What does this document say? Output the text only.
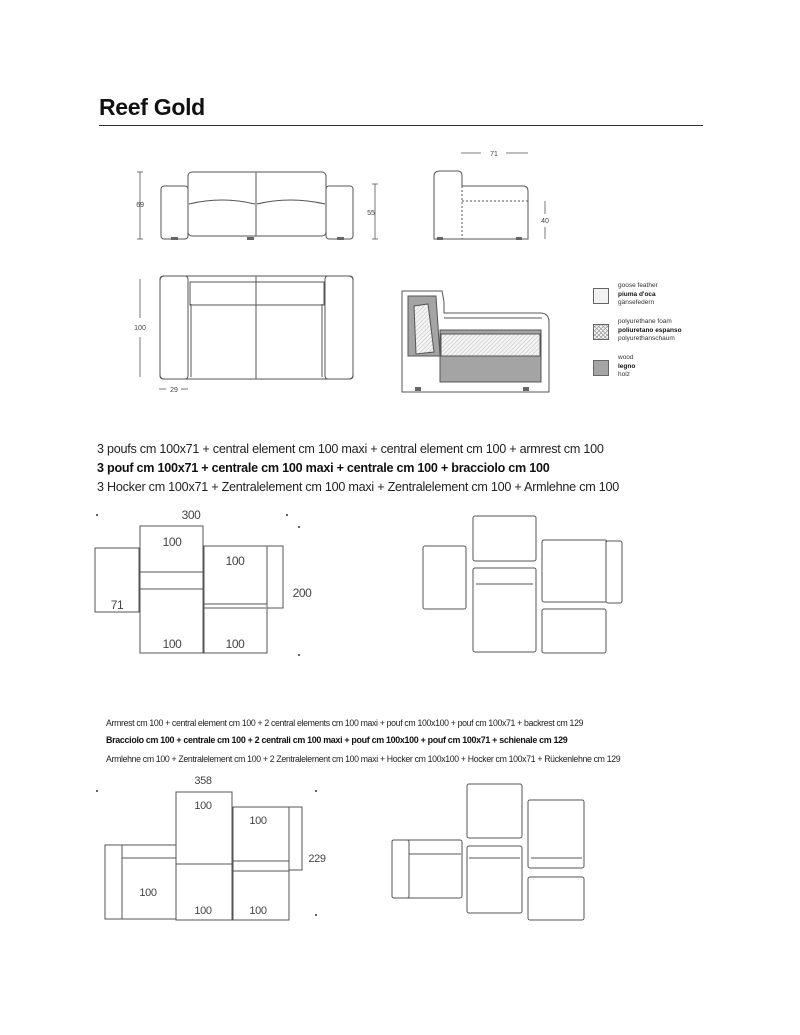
Reef Gold
69
55
71
40
100
29
goose feather
piuma d'oca
gänsefedern
polyurethane foam
poliuretano espanso
polyurethanschaum
wood
legno
holz
3 poufs cm 100x71 + central element cm 100 maxi + central element cm 100 + armrest cm 100
3 pouf cm 100x71 + centrale cm 100 maxi + centrale cm 100 + bracciolo cm 100
3 Hocker cm 100x71 + Zentralelement cm 100 maxi + Zentralelement cm 100 + Armlehne cm 100
300
200
100
100
71
100	100
Armrest cm 100 + central element cm 100 + 2 central elements cm 100 maxi + pouf cm 100x100 + pouf cm 100x71 + backrest cm 129
Bracciolo cm 100 + centrale cm 100 + 2 centrali cm 100 maxi + pouf cm 100x100 + pouf cm 100x71 + schienale cm 129
Armlehne cm 100 + Zentralelement cm 100 + 2 Zentralelement cm 100 maxi + Hocker cm 100x100 + Hocker cm 100x71 + Rückenlehne cm 129
358
229
100
100
100
100	100
